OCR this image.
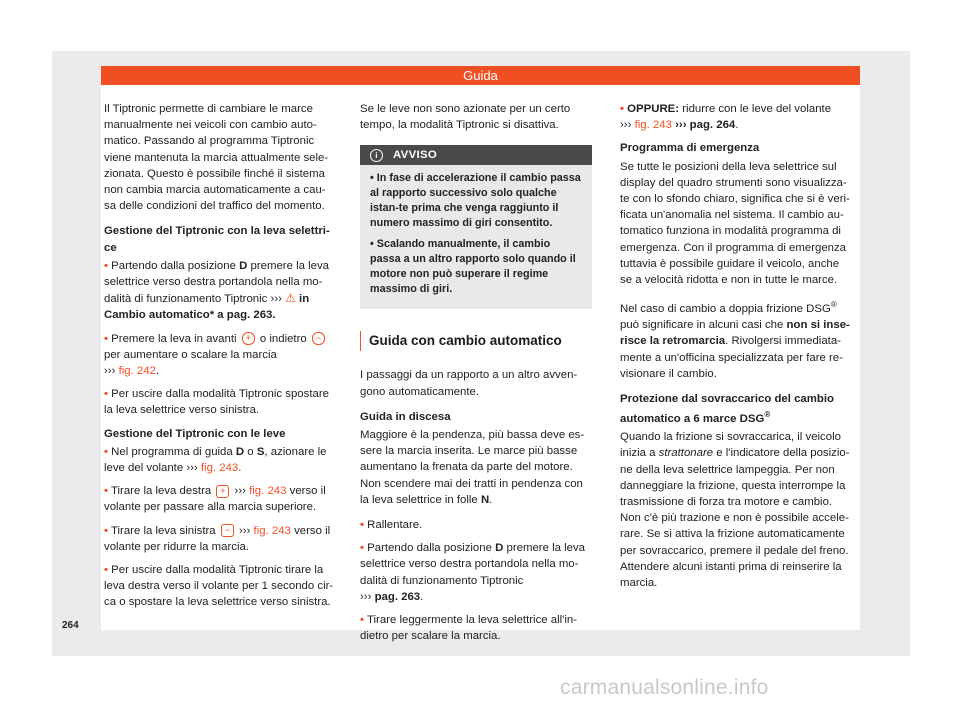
Guida

Il Tiptronic permette di cambiare le marce manualmente nei veicoli con cambio auto-matico. Passando al programma Tiptronic viene mantenuta la marcia attualmente sele-zionata. Questo è possibile finché il sistema non cambia marcia automaticamente a cau-sa delle condizioni del traffico del momento.

Gestione del Tiptronic con la leva selettri-ce

• Partendo dalla posizione D premere la leva selettrice verso destra portandola nella mo-dalità di funzionamento Tiptronic ››› ⚠ in Cambio automatico* a pag. 263.

• Premere la leva in avanti + o indietro − per aumentare o scalare la marcia
››› fig. 242.

• Per uscire dalla modalità Tiptronic spostare la leva selettrice verso sinistra.

Gestione del Tiptronic con le leve

• Nel programma di guida D o S, azionare le leve del volante ››› fig. 243.

• Tirare la leva destra + ››› fig. 243 verso il volante per passare alla marcia superiore.

• Tirare la leva sinistra − ››› fig. 243 verso il volante per ridurre la marcia.

• Per uscire dalla modalità Tiptronic tirare la leva destra verso il volante per 1 secondo cir-ca o spostare la leva selettrice verso sinistra.

Se le leve non sono azionate per un certo tempo, la modalità Tiptronic si disattiva.

i AVVISO

• In fase di accelerazione il cambio passa al rapporto successivo solo qualche istan-te prima che venga raggiunto il numero massimo di giri consentito.

• Scalando manualmente, il cambio passa a un altro rapporto solo quando il motore non può superare il regime massimo di giri.

Guida con cambio automatico

I passaggi da un rapporto a un altro avven-gono automaticamente.

Guida in discesa

Maggiore è la pendenza, più bassa deve es-sere la marcia inserita. Le marce più basse aumentano la frenata da parte del motore. Non scendere mai dei tratti in pendenza con la leva selettrice in folle N.

• Rallentare.

• Partendo dalla posizione D premere la leva selettrice verso destra portandola nella mo-dalità di funzionamento Tiptronic
››› pag. 263.

• Tirare leggermente la leva selettrice all'in-dietro per scalare la marcia.

• OPPURE: ridurre con le leve del volante
››› fig. 243 ››› pag. 264.

Programma di emergenza

Se tutte le posizioni della leva selettrice sul display del quadro strumenti sono visualizza-te con lo sfondo chiaro, significa che si è veri-ficata un'anomalia nel sistema. Il cambio au-tomatico funziona in modalità programma di emergenza. Con il programma di emergenza tuttavia è possibile guidare il veicolo, anche se a velocità ridotta e non in tutte le marce.

Nel caso di cambio a doppia frizione DSG® può significare in alcuni casi che non si inse-risce la retromarcia. Rivolgersi immediata-mente a un'officina specializzata per fare re-visionare il cambio.

Protezione dal sovraccarico del cambio automatico a 6 marce DSG®

Quando la frizione si sovraccarica, il veicolo inizia a strattonare e l'indicatore della posizio-ne della leva selettrice lampeggia. Per non danneggiare la frizione, questa interrompe la trasmissione di forza tra motore e cambio. Non c'è più trazione e non è possibile accele-rare. Se si attiva la frizione automaticamente per sovraccarico, premere il pedale del freno. Attendere alcuni istanti prima di reinserire la marcia.

264
carmanualsonline.info
